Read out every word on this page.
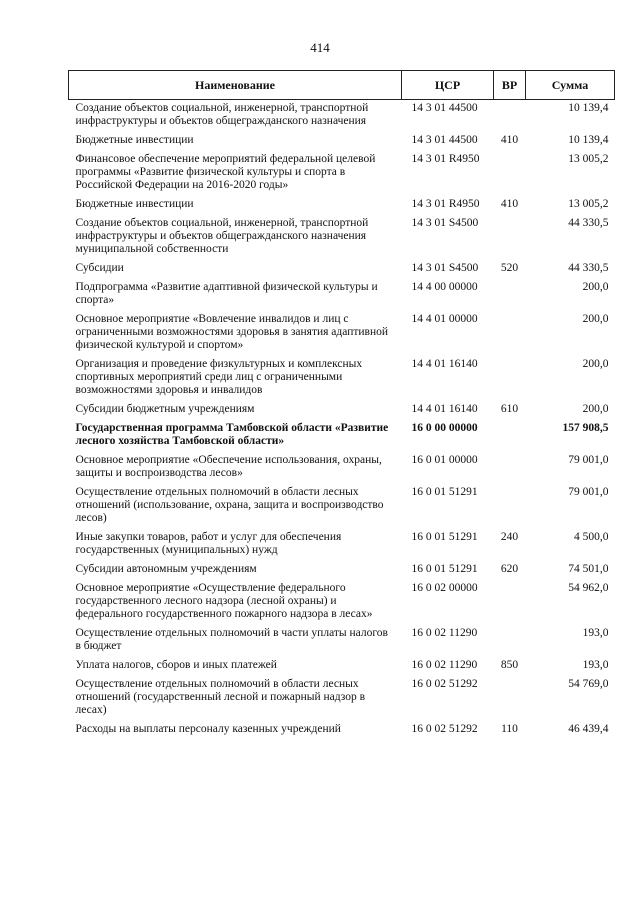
414
Наименование	ЦСР	ВР	Сумма
Создание объектов социальной, инженерной, транспортной инфраструктуры и объектов общегражданского назначения	14 3 01 44500		10 139,4
Бюджетные инвестиции	14 3 01 44500	410	10 139,4
Финансовое обеспечение мероприятий федеральной целевой программы «Развитие физической культуры и спорта в Российской Федерации на 2016-2020 годы»	14 3 01 R4950		13 005,2
Бюджетные инвестиции	14 3 01 R4950	410	13 005,2
Создание объектов социальной, инженерной, транспортной инфраструктуры и объектов общегражданского назначения муниципальной собственности	14 3 01 S4500		44 330,5
Субсидии	14 3 01 S4500	520	44 330,5
Подпрограмма «Развитие адаптивной физической культуры и спорта»	14 4 00 00000		200,0
Основное мероприятие «Вовлечение инвалидов и лиц с ограниченными возможностями здоровья в занятия адаптивной физической культурой и спортом»	14 4 01 00000		200,0
Организация и проведение физкультурных и комплексных спортивных мероприятий среди лиц с ограниченными возможностями здоровья и инвалидов	14 4 01 16140		200,0
Субсидии бюджетным учреждениям	14 4 01 16140	610	200,0
Государственная программа Тамбовской области «Развитие лесного хозяйства Тамбовской области»	16 0 00 00000		157 908,5
Основное мероприятие «Обеспечение использования, охраны, защиты и воспроизводства лесов»	16 0 01 00000		79 001,0
Осуществление отдельных полномочий в области лесных отношений (использование, охрана, защита и воспроизводство лесов)	16 0 01 51291		79 001,0
Иные закупки товаров, работ и услуг для обеспечения государственных (муниципальных) нужд	16 0 01 51291	240	4 500,0
Субсидии автономным учреждениям	16 0 01 51291	620	74 501,0
Основное мероприятие «Осуществление федерального государственного лесного надзора (лесной охраны) и федерального государственного пожарного надзора в лесах»	16 0 02 00000		54 962,0
Осуществление отдельных полномочий в части уплаты налогов в бюджет	16 0 02 11290		193,0
Уплата налогов, сборов и иных платежей	16 0 02 11290	850	193,0
Осуществление отдельных полномочий в области лесных отношений (государственный лесной и пожарный надзор в лесах)	16 0 02 51292		54 769,0
Расходы на выплаты персоналу казенных учреждений	16 0 02 51292	110	46 439,4
